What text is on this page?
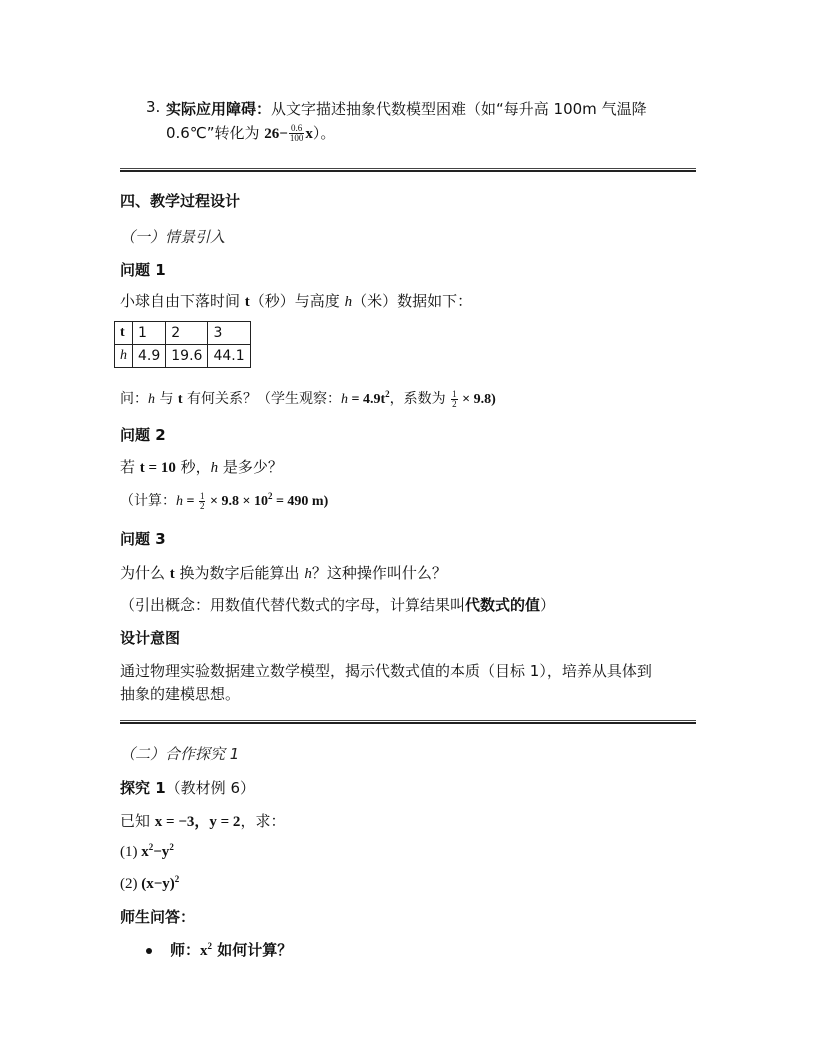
3. 实际应用障碍：从文字描述抽象代数模型困难（如“每升高 100m 气温降
0.6℃”转化为 $26- \frac{0.6}{100} x$）。
四、教学过程设计
（一）情景引入
问题 1
小球自由下落时间 t（秒）与高度 h（米）数据如下：
t	1	2	3
h	4.9	19.6	44.1
问：h 与 t 有何关系？（学生观察：$h = 4.9t^2$，系数为 $\frac{1}{2} \times 9.8$)
问题 2
若 t = 10 秒，h 是多少？
（计算：$h = \frac{1}{2} \times 9.8 \times 10^2 = 490$ m)
问题 3
为什么 t 换为数字后能算出 h？这种操作叫什么？
（引出概念：用数值代替代数式的字母，计算结果叫代数式的值）
设计意图
通过物理实验数据建立数学模型，揭示代数式值的本质（目标 1），培养从具体到
抽象的建模思想。
（二）合作探究 1
探究 1（教材例 6）
已知 x = −3，y = 2，求：
(1) $x^2-y^2$
(2) $(x-y)^2$
师生问答：
师：$x^2$ 如何计算？
